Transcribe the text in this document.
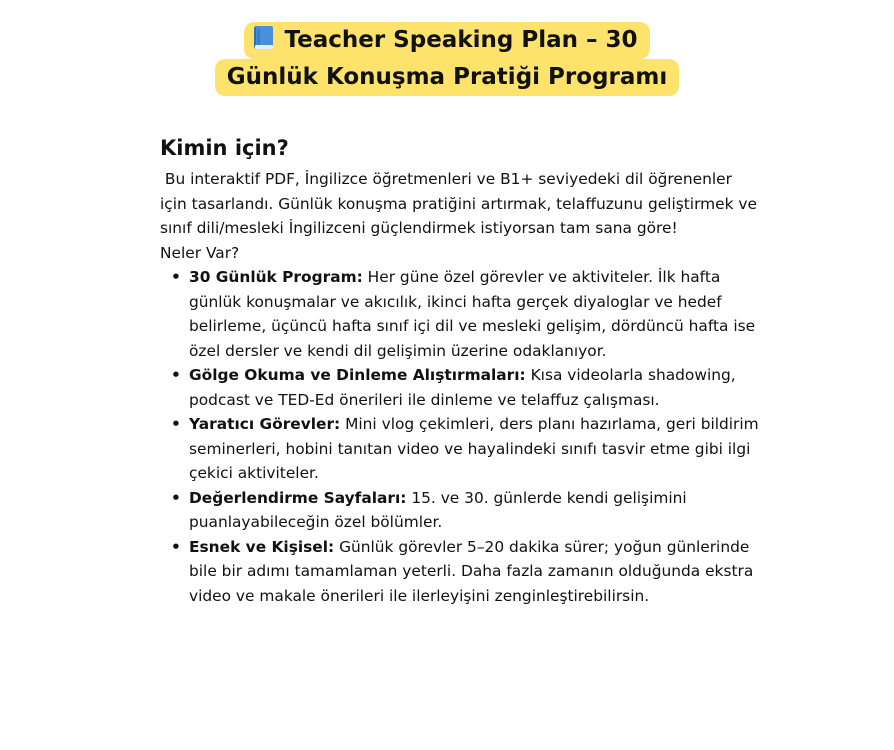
Teacher Speaking Plan – 30
Günlük Konuşma Pratiği Programı
Kimin için?

Bu interaktif PDF, İngilizce öğretmenleri ve B1+ seviyedeki dil öğrenenler için tasarlandı. Günlük konuşma pratiğini artırmak, telaffuzunu geliştirmek ve sınıf dili/mesleki İngilizceni güçlendirmek istiyorsan tam sana göre!

Neler Var?

• 30 Günlük Program: Her güne özel görevler ve aktiviteler. İlk hafta günlük konuşmalar ve akıcılık, ikinci hafta gerçek diyaloglar ve hedef belirleme, üçüncü hafta sınıf içi dil ve mesleki gelişim, dördüncü hafta ise özel dersler ve kendi dil gelişimin üzerine odaklanıyor.
• Gölge Okuma ve Dinleme Alıştırmaları: Kısa videolarla shadowing, podcast ve TED-Ed önerileri ile dinleme ve telaffuz çalışması.
• Yaratıcı Görevler: Mini vlog çekimleri, ders planı hazırlama, geri bildirim seminerleri, hobini tanıtan video ve hayalindeki sınıfı tasvir etme gibi ilgi çekici aktiviteler.
• Değerlendirme Sayfaları: 15. ve 30. günlerde kendi gelişimini puanlayabileceğin özel bölümler.
• Esnek ve Kişisel: Günlük görevler 5–20 dakika sürer; yoğun günlerinde bile bir adımı tamamlaman yeterli. Daha fazla zamanın olduğunda ekstra video ve makale önerileri ile ilerleyişini zenginleştirebilirsin.
